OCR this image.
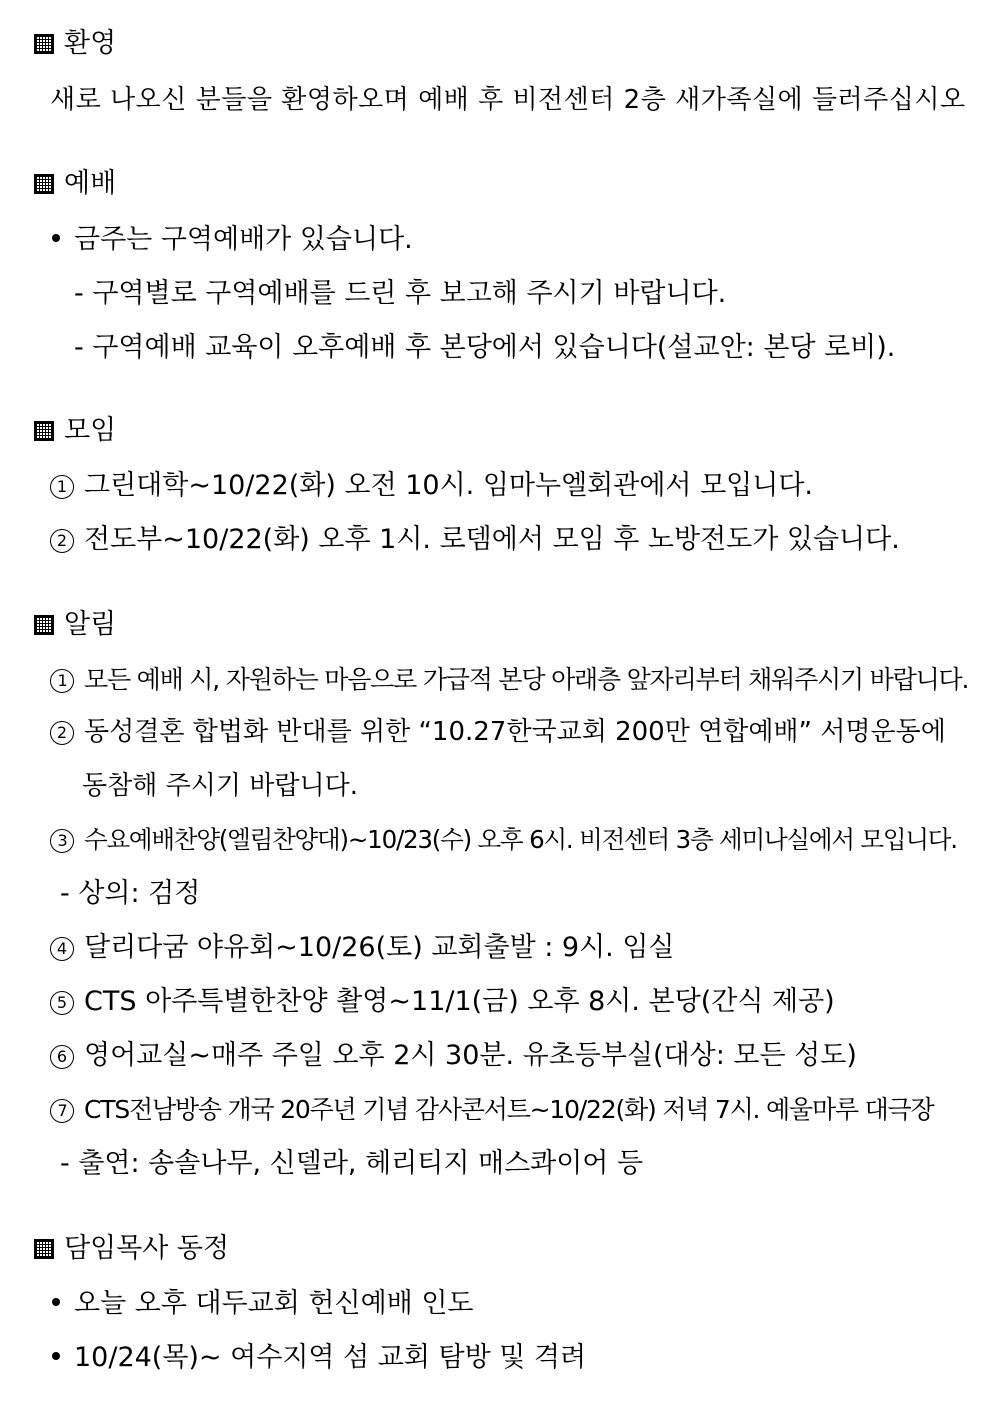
환영
새로 나오신 분들을 환영하오며 예배 후 비전센터 2층 새가족실에 들러주십시오
예배
금주는 구역예배가 있습니다.
- 구역별로 구역예배를 드린 후 보고해 주시기 바랍니다.
- 구역예배 교육이 오후예배 후 본당에서 있습니다(설교안: 본당 로비).
모임
1 그린대학~10/22(화) 오전 10시. 임마누엘회관에서 모입니다.
2 전도부~10/22(화) 오후 1시. 로뎀에서 모임 후 노방전도가 있습니다.
알림
1 모든 예배 시, 자원하는 마음으로 가급적 본당 아래층 앞자리부터 채워주시기 바랍니다.
2 동성결혼 합법화 반대를 위한 “10.27한국교회 200만 연합예배” 서명운동에
동참해 주시기 바랍니다.
3 수요예배찬양(엘림찬양대)~10/23(수) 오후 6시. 비전센터 3층 세미나실에서 모입니다.
- 상의: 검정
4 달리다굼 야유회~10/26(토) 교회출발 : 9시. 임실
5 CTS 아주특별한찬양 촬영~11/1(금) 오후 8시. 본당(간식 제공)
6 영어교실~매주 주일 오후 2시 30분. 유초등부실(대상: 모든 성도)
7 CTS전남방송 개국 20주년 기념 감사콘서트~10/22(화) 저녁 7시. 예울마루 대극장
- 출연: 송솔나무, 신델라, 헤리티지 매스콰이어 등
담임목사 동정
오늘 오후 대두교회 헌신예배 인도
10/24(목)~ 여수지역 섬 교회 탐방 및 격려
